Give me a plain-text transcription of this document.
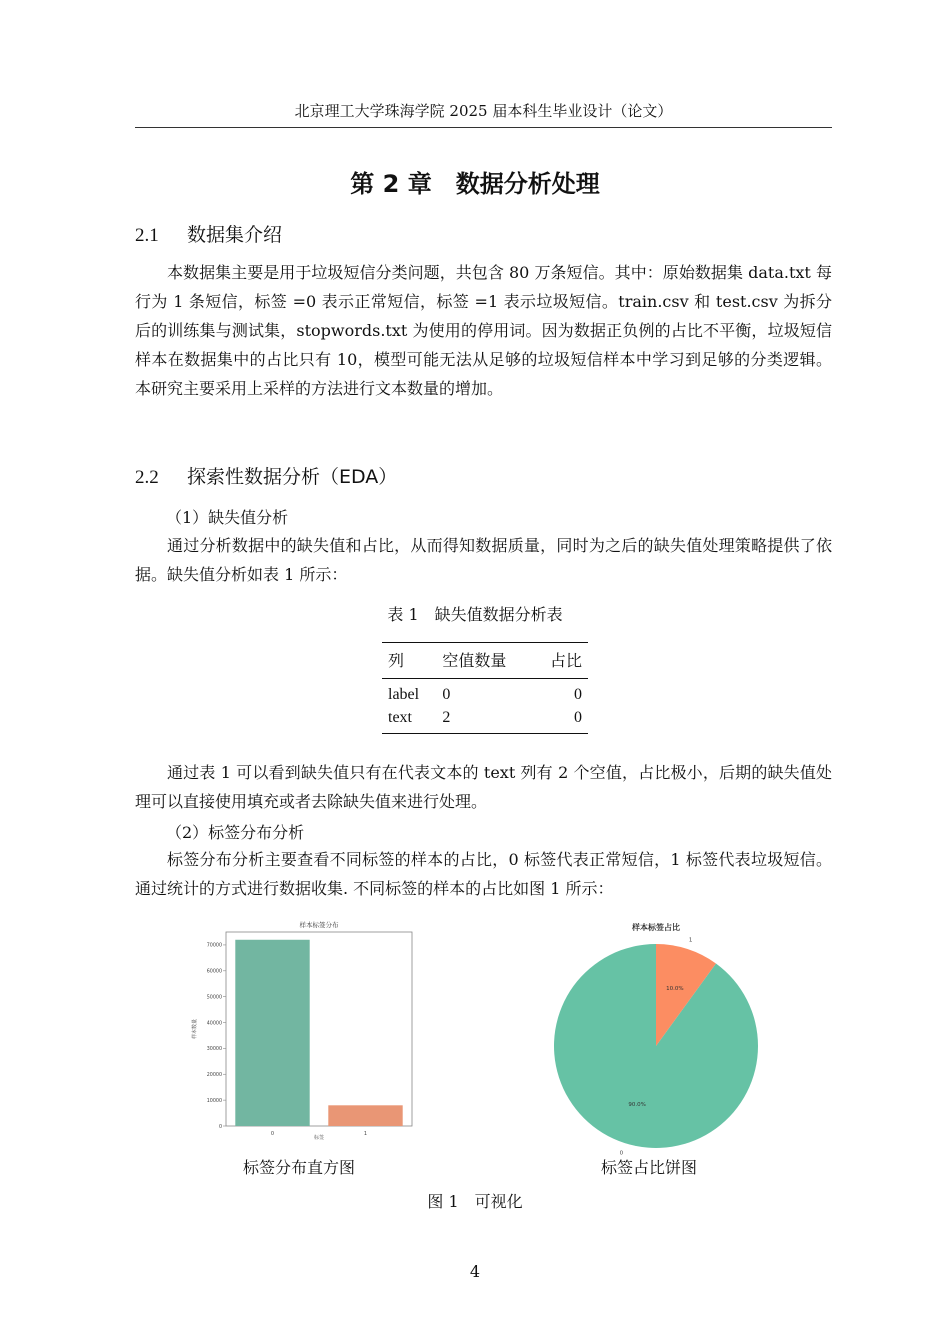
北京理工大学珠海学院 2025 届本科生毕业设计（论文）
第 2 章　数据分析处理
2.1 数据集介绍

本数据集主要是用于垃圾短信分类问题，共包含 80 万条短信。其中：原始数据集 data.txt 每行为 1 条短信，标签 =0 表示正常短信，标签 =1 表示垃圾短信。train.csv 和 test.csv 为拆分后的训练集与测试集，stopwords.txt 为使用的停用词。因为数据正负例的占比不平衡，垃圾短信样本在数据集中的占比只有 10，模型可能无法从足够的垃圾短信样本中学习到足够的分类逻辑。本研究主要采用上采样的方法进行文本数量的增加。

2.2 探索性数据分析（EDA）
（1）缺失值分析

通过分析数据中的缺失值和占比，从而得知数据质量，同时为之后的缺失值处理策略提供了依据。缺失值分析如表 1 所示：

表 1　缺失值数据分析表
列	空值数量	占比
label	0	0
text	2	0

通过表 1 可以看到缺失值只有在代表文本的 text 列有 2 个空值，占比极小，后期的缺失值处理可以直接使用填充或者去除缺失值来进行处理。

（2）标签分布分析

标签分布分析主要查看不同标签的样本的占比，0 标签代表正常短信，1 标签代表垃圾短信。通过统计的方式进行数据收集. 不同标签的样本的占比如图 1 所示：

样本标签分布
0
10000
20000
30000
40000
50000
60000
70000
0	1
标签
样本数量
样本标签占比
90.0%
0
10.0%
1
标签分布直方图	标签占比饼图
图 1　可视化
4
